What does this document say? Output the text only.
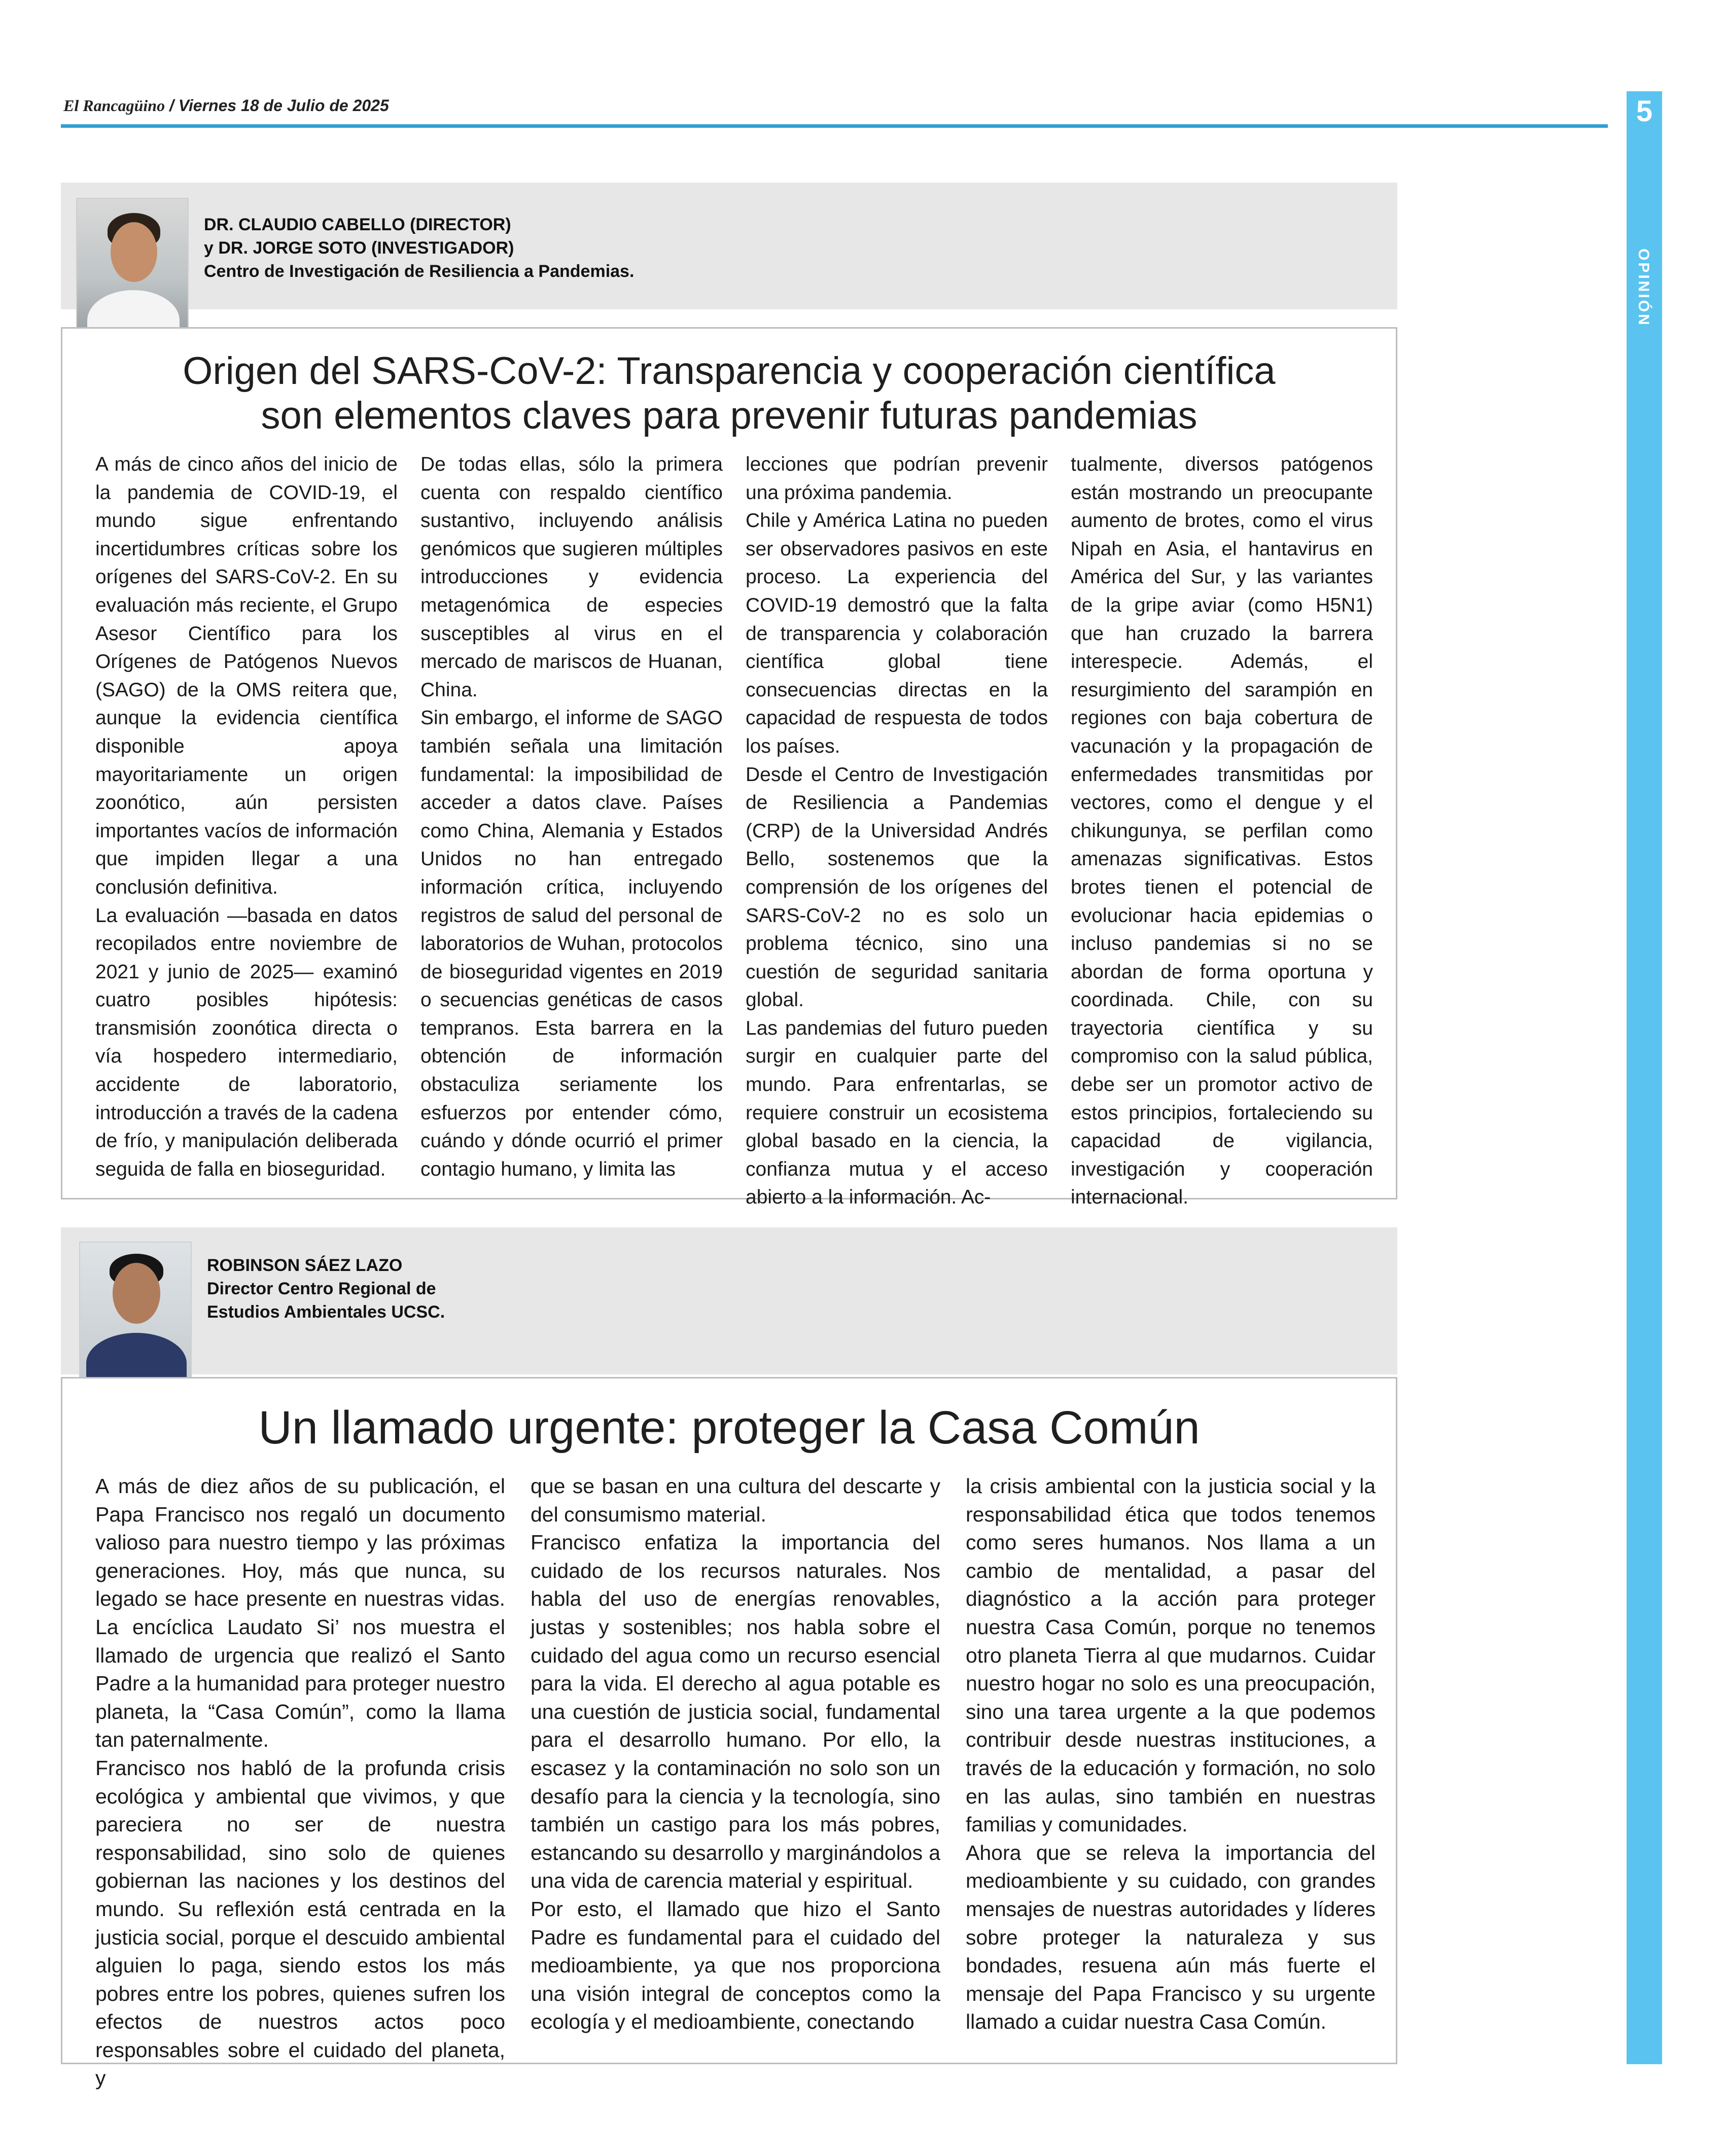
El Rancagüino / Viernes 18 de Julio de 2025	5
OPINIÓN
DR. CLAUDIO CABELLO (DIRECTOR)
y DR. JORGE SOTO (INVESTIGADOR)
Centro de Investigación de Resiliencia a Pandemias.
Origen del SARS-CoV-2: Transparencia y cooperación científica
son elementos claves para prevenir futuras pandemias

A más de cinco años del inicio de la pandemia de COVID-19, el mundo sigue enfrentando incertidumbres críticas sobre los orígenes del SARS-CoV-2. En su evaluación más reciente, el Grupo Asesor Científico para los Orígenes de Patógenos Nuevos (SAGO) de la OMS reitera que, aunque la evidencia científica disponible apoya mayoritariamente un origen zoonótico, aún persisten importantes vacíos de información que impiden llegar a una conclusión definitiva.

La evaluación —basada en datos recopilados entre noviembre de 2021 y junio de 2025— examinó cuatro posibles hipótesis: transmisión zoonótica directa o vía hospedero intermediario, accidente de laboratorio, introducción a través de la cadena de frío, y manipulación deliberada seguida de falla en bioseguridad.

De todas ellas, sólo la primera cuenta con respaldo científico sustantivo, incluyendo análisis genómicos que sugieren múltiples introducciones y evidencia metagenómica de especies susceptibles al virus en el mercado de mariscos de Huanan, China.

Sin embargo, el informe de SAGO también señala una limitación fundamental: la imposibilidad de acceder a datos clave. Países como China, Alemania y Estados Unidos no han entregado información crítica, incluyendo registros de salud del personal de laboratorios de Wuhan, protocolos de bioseguridad vigentes en 2019 o secuencias genéticas de casos tempranos. Esta barrera en la obtención de información obstaculiza seriamente los esfuerzos por entender cómo, cuándo y dónde ocurrió el primer contagio humano, y limita las

lecciones que podrían prevenir una próxima pandemia.

Chile y América Latina no pueden ser observadores pasivos en este proceso. La experiencia del COVID-19 demostró que la falta de transparencia y colaboración científica global tiene consecuencias directas en la capacidad de respuesta de todos los países.

Desde el Centro de Investigación de Resiliencia a Pandemias (CRP) de la Universidad Andrés Bello, sostenemos que la comprensión de los orígenes del SARS-CoV-2 no es solo un problema técnico, sino una cuestión de seguridad sanitaria global.

Las pandemias del futuro pueden surgir en cualquier parte del mundo. Para enfrentarlas, se requiere construir un ecosistema global basado en la ciencia, la confianza mutua y el acceso abierto a la información. Ac-

tualmente, diversos patógenos están mostrando un preocupante aumento de brotes, como el virus Nipah en Asia, el hantavirus en América del Sur, y las variantes de la gripe aviar (como H5N1) que han cruzado la barrera interespecie. Además, el resurgimiento del sarampión en regiones con baja cobertura de vacunación y la propagación de enfermedades transmitidas por vectores, como el dengue y el chikungunya, se perfilan como amenazas significativas. Estos brotes tienen el potencial de evolucionar hacia epidemias o incluso pandemias si no se abordan de forma oportuna y coordinada. Chile, con su trayectoria científica y su compromiso con la salud pública, debe ser un promotor activo de estos principios, fortaleciendo su capacidad de vigilancia, investigación y cooperación internacional.

ROBINSON SÁEZ LAZO
Director Centro Regional de
Estudios Ambientales UCSC.
Un llamado urgente: proteger la Casa Común

A más de diez años de su publicación, el Papa Francisco nos regaló un documento valioso para nuestro tiempo y las próximas generaciones. Hoy, más que nunca, su legado se hace presente en nuestras vidas. La encíclica Laudato Si’ nos muestra el llamado de urgencia que realizó el Santo Padre a la humanidad para proteger nuestro planeta, la “Casa Común”, como la llama tan paternalmente.

Francisco nos habló de la profunda crisis ecológica y ambiental que vivimos, y que pareciera no ser de nuestra responsabilidad, sino solo de quienes gobiernan las naciones y los destinos del mundo. Su reflexión está centrada en la justicia social, porque el descuido ambiental alguien lo paga, siendo estos los más pobres entre los pobres, quienes sufren los efectos de nuestros actos poco responsables sobre el cuidado del planeta, y

que se basan en una cultura del descarte y del consumismo material.

Francisco enfatiza la importancia del cuidado de los recursos naturales. Nos habla del uso de energías renovables, justas y sostenibles; nos habla sobre el cuidado del agua como un recurso esencial para la vida. El derecho al agua potable es una cuestión de justicia social, fundamental para el desarrollo humano. Por ello, la escasez y la contaminación no solo son un desafío para la ciencia y la tecnología, sino también un castigo para los más pobres, estancando su desarrollo y marginándolos a una vida de carencia material y espiritual.

Por esto, el llamado que hizo el Santo Padre es fundamental para el cuidado del medioambiente, ya que nos proporciona una visión integral de conceptos como la ecología y el medioambiente, conectando

la crisis ambiental con la justicia social y la responsabilidad ética que todos tenemos como seres humanos. Nos llama a un cambio de mentalidad, a pasar del diagnóstico a la acción para proteger nuestra Casa Común, porque no tenemos otro planeta Tierra al que mudarnos. Cuidar nuestro hogar no solo es una preocupación, sino una tarea urgente a la que podemos contribuir desde nuestras instituciones, a través de la educación y formación, no solo en las aulas, sino también en nuestras familias y comunidades.

Ahora que se releva la importancia del medioambiente y su cuidado, con grandes mensajes de nuestras autoridades y líderes sobre proteger la naturaleza y sus bondades, resuena aún más fuerte el mensaje del Papa Francisco y su urgente llamado a cuidar nuestra Casa Común.
